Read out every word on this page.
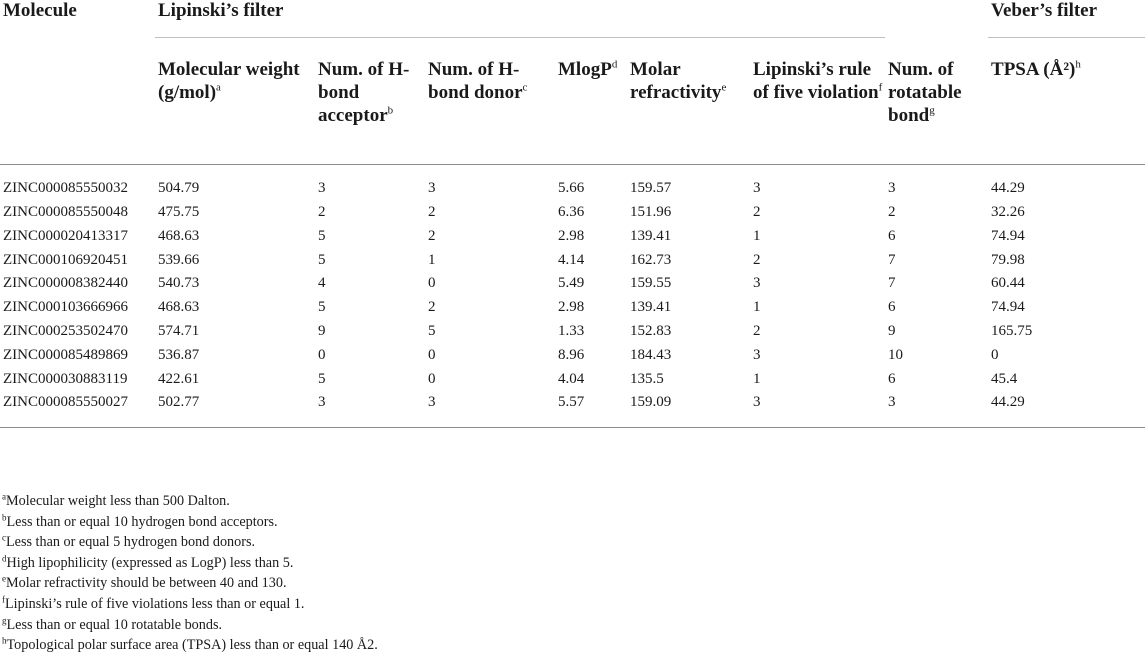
Molecule	Lipinski’s filter							Veber’s filter
	Molecular weight $(g/mol)^a$	Num. of H-bond acceptor$^b$	Num. of H-bond donor$^c$	MlogP$^d$	Molar refractivity$^e$	Lipinski’s rule of five violation$^f$	Num. of rotatable bond$^g$	TPSA (Å²)$^h$
ZINC000085550032	504.79	3	3	5.66	159.57	3	3	44.29
ZINC000085550048	475.75	2	2	6.36	151.96	2	2	32.26
ZINC000020413317	468.63	5	2	2.98	139.41	1	6	74.94
ZINC000106920451	539.66	5	1	4.14	162.73	2	7	79.98
ZINC000008382440	540.73	4	0	5.49	159.55	3	7	60.44
ZINC000103666966	468.63	5	2	2.98	139.41	1	6	74.94
ZINC000253502470	574.71	9	5	1.33	152.83	2	9	165.75
ZINC000085489869	536.87	0	0	8.96	184.43	3	10	0
ZINC000030883119	422.61	5	0	4.04	135.5	1	6	45.4
ZINC000085550027	502.77	3	3	5.57	159.09	3	3	44.29
$^a$Molecular weight less than 500 Dalton.
$^b$Less than or equal 10 hydrogen bond acceptors.
$^c$Less than or equal 5 hydrogen bond donors.
$^d$High lipophilicity (expressed as LogP) less than 5.
$^e$Molar refractivity should be between 40 and 130.
$^f$Lipinski’s rule of five violations less than or equal 1.
$^g$Less than or equal 10 rotatable bonds.
$^h$Topological polar surface area (TPSA) less than or equal 140 Å2.
